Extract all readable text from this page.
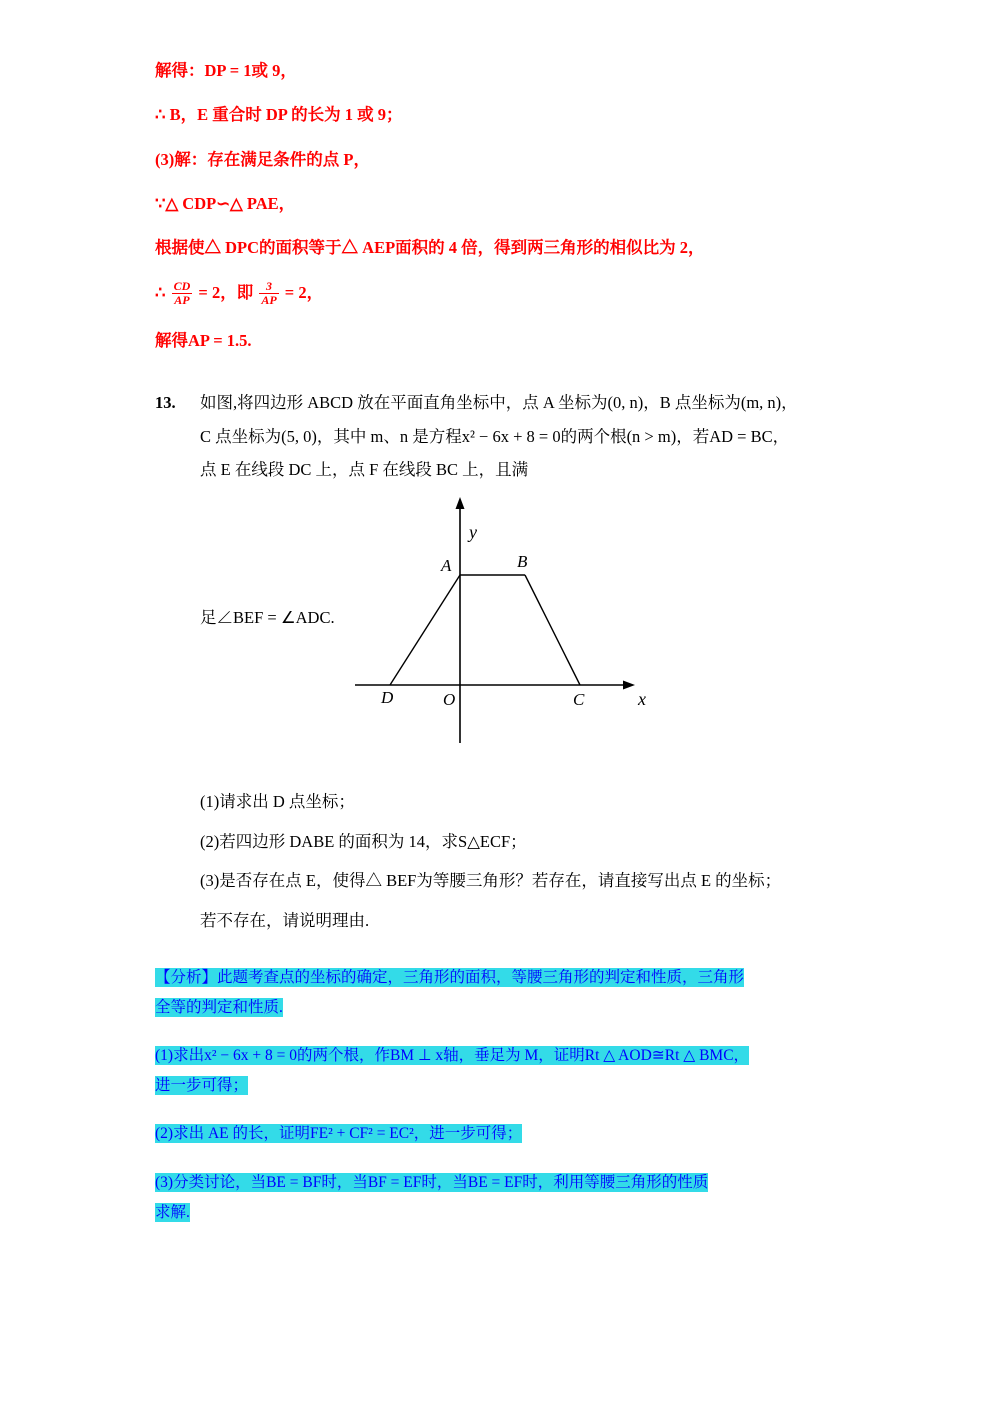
解得：DP = 1或 9，
∴ B，E 重合时 DP 的长为 1 或 9；
(3)解：存在满足条件的点 P，
∵△ CDP∽△ PAE，
根据使△ DPC的面积等于△ AEP面积的 4 倍，得到两三角形的相似比为 2，
∴ $\frac{CD}{AP} = 2$，即 $\frac{3}{AP} = 2$，
解得AP = 1.5.
13. 如图,将四边形 ABCD 放在平面直角坐标中，点 A 坐标为(0, n)，B 点坐标为(m, n)，
C 点坐标为(5, 0)，其中 m、n 是方程x² − 6x + 8 = 0的两个根(n > m)，若AD = BC，
点 E 在线段 DC 上，点 F 在线段 BC 上，且满
足∠BEF = ∠ADC.
A	B
D	O	C	x
y
(1)请求出 D 点坐标；
(2)若四边形 DABE 的面积为 14，求S△ECF；
(3)是否存在点 E，使得△ BEF为等腰三角形？若存在，请直接写出点 E 的坐标；
若不存在，请说明理由.

【分析】此题考查点的坐标的确定，三角形的面积，等腰三角形的判定和性质，三角形
全等的判定和性质.

(1)求出x² − 6x + 8 = 0的两个根，作BM ⊥ x轴，垂足为 M，证明Rt △ AOD≅Rt △ BMC，
进一步可得；

(2)求出 AE 的长，证明FE² + CF² = EC²，进一步可得；

(3)分类讨论，当BE = BF时，当BF = EF时，当BE = EF时，利用等腰三角形的性质
求解.
